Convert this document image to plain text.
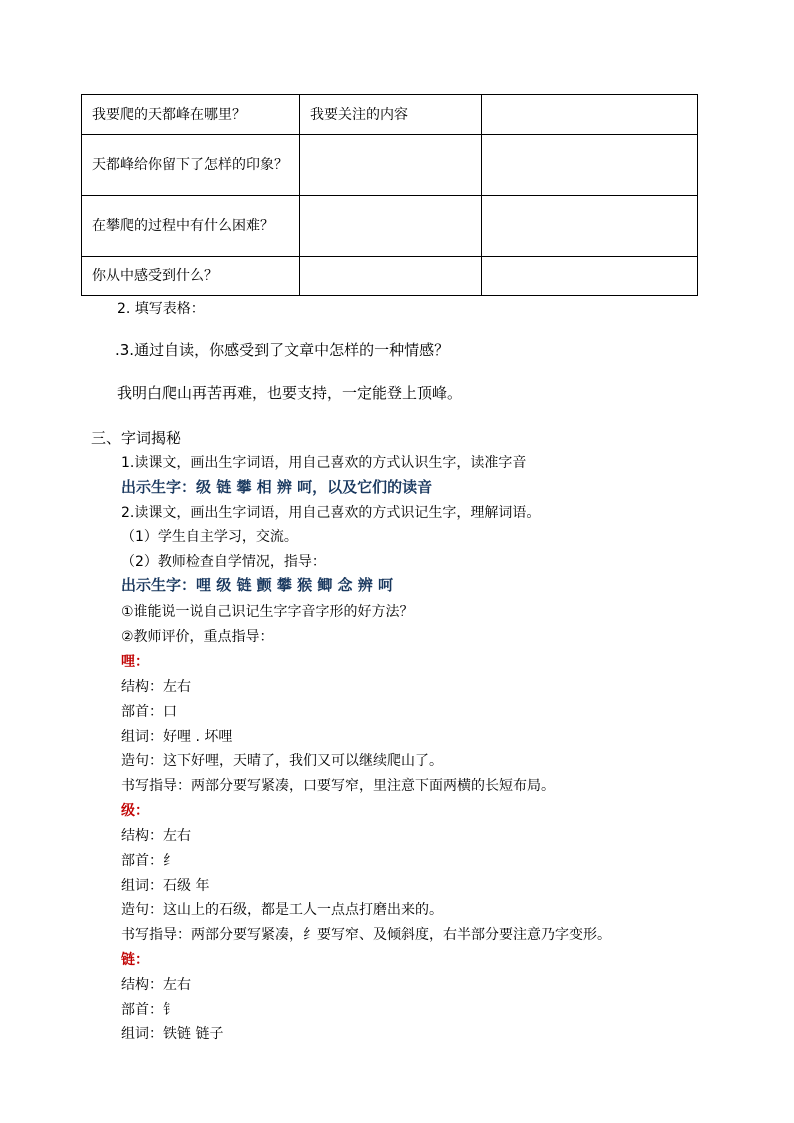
我要爬的天都峰在哪里？	我要关注的内容	
天都峰给你留下了怎样的印象？		
在攀爬的过程中有什么困难？		
你从中感受到什么？		
2. 填写表格：
.3.通过自读，你感受到了文章中怎样的一种情感？
我明白爬山再苦再难，也要支持，一定能登上顶峰。
三、字词揭秘
1.读课文，画出生字词语，用自己喜欢的方式认识生字，读准字音
出示生字：级 链 攀 相 辨 呵，以及它们的读音
2.读课文，画出生字词语，用自己喜欢的方式识记生字，理解词语。
（1）学生自主学习，交流。
（2）教师检查自学情况，指导：
出示生字：哩 级 链 颤 攀 猴 鲫 念 辨 呵
①谁能说一说自己识记生字字音字形的好方法？
②教师评价，重点指导：
哩：
结构：左右
部首：口
组词：好哩 . 坏哩
造句：这下好哩，天晴了，我们又可以继续爬山了。
书写指导：两部分要写紧凑，口要写窄，里注意下面两横的长短布局。
级：
结构：左右
部首：纟
组词：石级 年
造句：这山上的石级，都是工人一点点打磨出来的。
书写指导：两部分要写紧凑，纟要写窄、及倾斜度，右半部分要注意乃字变形。
链：
结构：左右
部首：钅
组词：铁链 链子
